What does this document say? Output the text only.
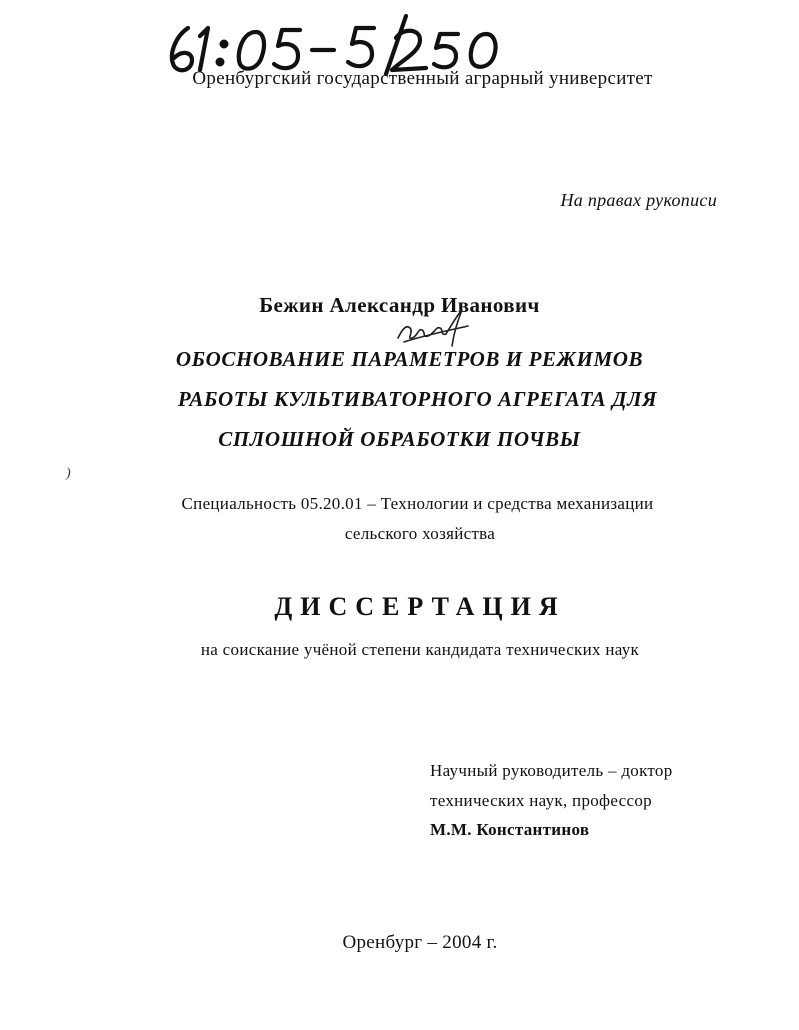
Оренбургский государственный аграрный университет
На правах рукописи
Бежин Александр Иванович
ОБОСНОВАНИЕ ПАРАМЕТРОВ И РЕЖИМОВ
РАБОТЫ КУЛЬТИВАТОРНОГО АГРЕГАТА ДЛЯ
СПЛОШНОЙ ОБРАБОТКИ ПОЧВЫ
)
Специальность 05.20.01 – Технологии и средства механизации
сельского хозяйства
ДИССЕРТАЦИЯ
на соискание учёной степени кандидата технических наук
Научный руководитель – доктор
технических наук, профессор
М.М. Константинов
Оренбург – 2004 г.
